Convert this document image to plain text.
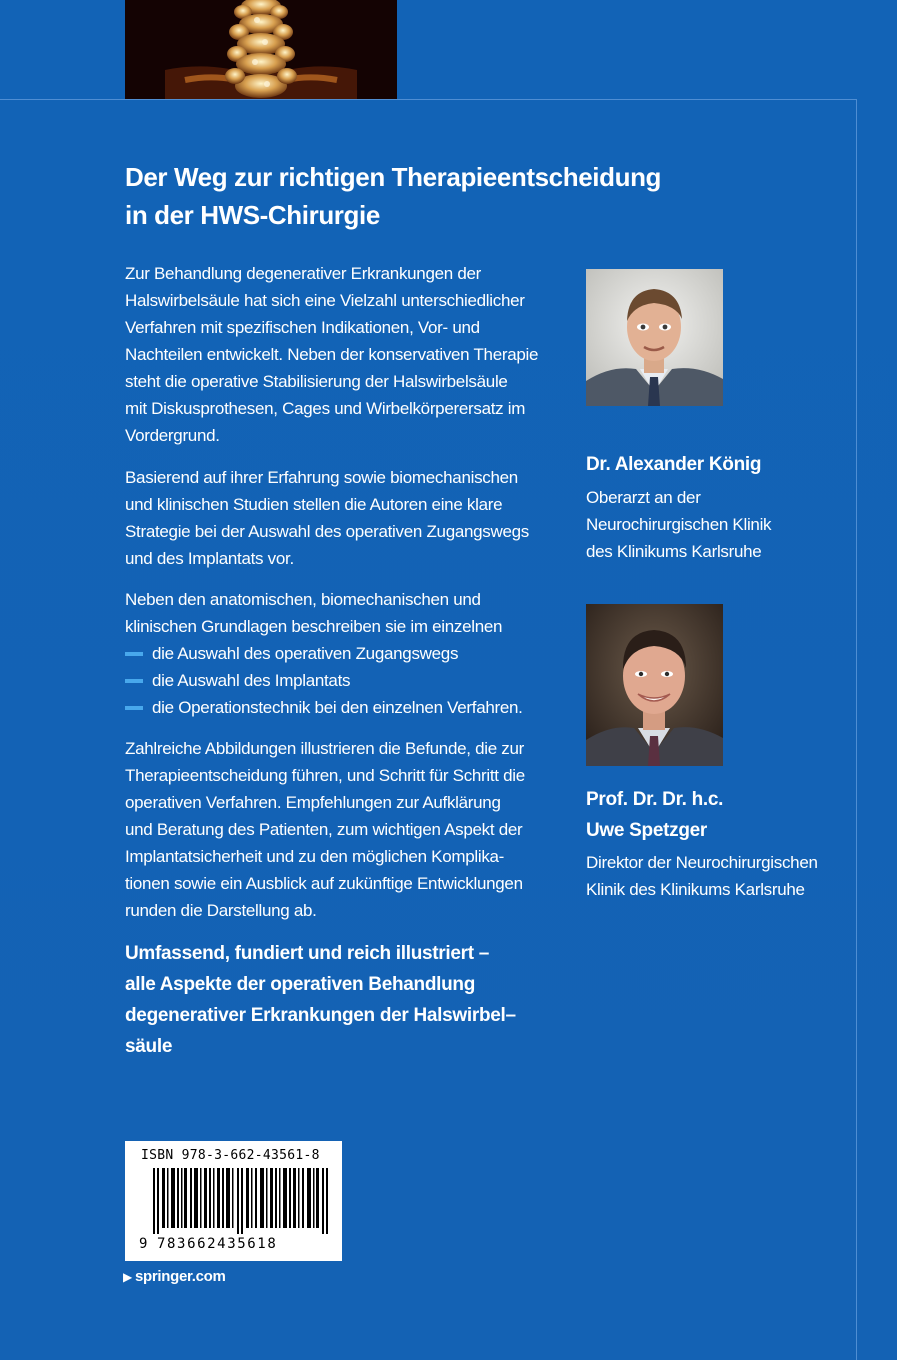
Der Weg zur richtigen Therapieentscheidung
in der HWS-Chirurgie

Zur Behandlung degenerativer Erkrankungen der
Halswirbelsäule hat sich eine Vielzahl unterschiedlicher
Verfahren mit spezifischen Indikationen, Vor- und
Nachteilen entwickelt. Neben der konservativen Therapie
steht die operative Stabilisierung der Halswirbelsäule
mit Diskusprothesen, Cages und Wirbelkörperersatz im
Vordergrund.

Basierend auf ihrer Erfahrung sowie biomechanischen
und klinischen Studien stellen die Autoren eine klare
Strategie bei der Auswahl des operativen Zugangswegs
und des Implantats vor.

Neben den anatomischen, biomechanischen und
klinischen Grundlagen beschreiben sie im einzelnen

die Auswahl des operativen Zugangswegs
die Auswahl des Implantats
die Operationstechnik bei den einzelnen Verfahren.

Zahlreiche Abbildungen illustrieren die Befunde, die zur
Therapieentscheidung führen, und Schritt für Schritt die
operativen Verfahren. Empfehlungen zur Aufklärung
und Beratung des Patienten, zum wichtigen Aspekt der
Implantatsicherheit und zu den möglichen Komplika-
tionen sowie ein Ausblick auf zukünftige Entwicklungen
runden die Darstellung ab.

Umfassend, fundiert und reich illustriert –
alle Aspekte der operativen Behandlung
degenerativer Erkrankungen der Halswirbel–
säule

Dr. Alexander König

Oberarzt an der
Neurochirurgischen Klinik
des Klinikums Karlsruhe

Prof. Dr. Dr. h.c.
Uwe Spetzger

Direktor der Neurochirurgischen
Klinik des Klinikums Karlsruhe

ISBN 978-3-662-43561-8
9 783662435618
▶ springer.com
